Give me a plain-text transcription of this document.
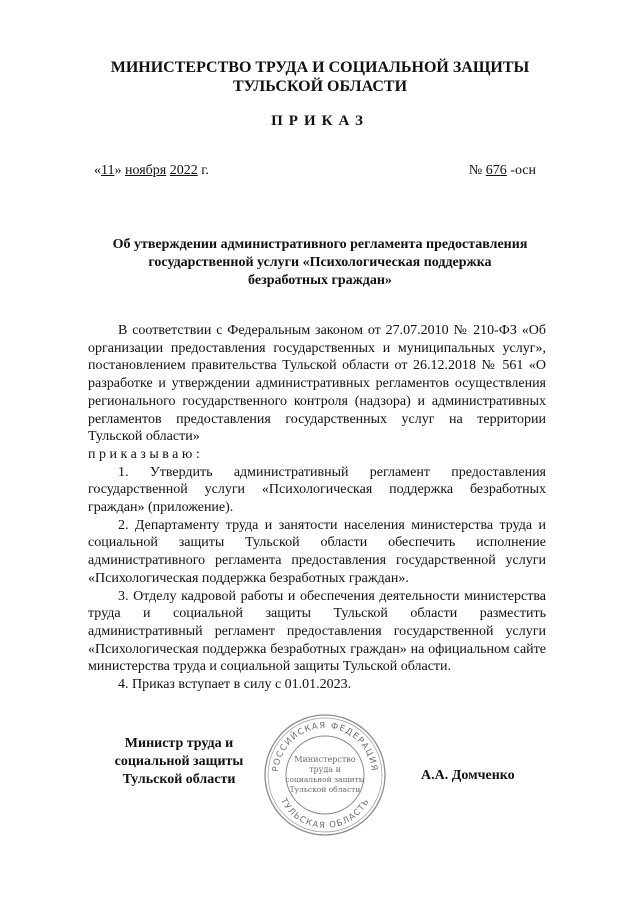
МИНИСТЕРСТВО ТРУДА И СОЦИАЛЬНОЙ ЗАЩИТЫ
ТУЛЬСКОЙ ОБЛАСТИ
ПРИКАЗ
«11» ноября 2022 г.	№ 676 -осн
Об утверждении административного регламента предоставления
государственной услуги «Психологическая поддержка
безработных граждан»

В соответствии с Федеральным законом от 27.07.2010 № 210-ФЗ «Об организации предоставления государственных и муниципальных услуг», постановлением правительства Тульской области от 26.12.2018 № 561 «О разработке и утверждении административных регламентов осуществления регионального государственного контроля (надзора) и административных регламентов предоставления государственных услуг на территории Тульской области»

приказываю:

1. Утвердить административный регламент предоставления государственной услуги «Психологическая поддержка безработных граждан» (приложение).

2. Департаменту труда и занятости населения министерства труда и социальной защиты Тульской области обеспечить исполнение административного регламента предоставления государственной услуги «Психологическая поддержка безработных граждан».

3. Отделу кадровой работы и обеспечения деятельности министерства труда и социальной защиты Тульской области разместить административный регламент предоставления государственной услуги «Психологическая поддержка безработных граждан» на официальном сайте министерства труда и социальной защиты Тульской области.

4. Приказ вступает в силу с 01.01.2023.

Министр труда и
социальной защиты
Тульской области
РОССИЙСКАЯ ФЕДЕРАЦИЯ
ТУЛЬСКАЯ ОБЛАСТЬ
Министерство
труда и
социальной защиты
Тульской области
А.А. Домченко
